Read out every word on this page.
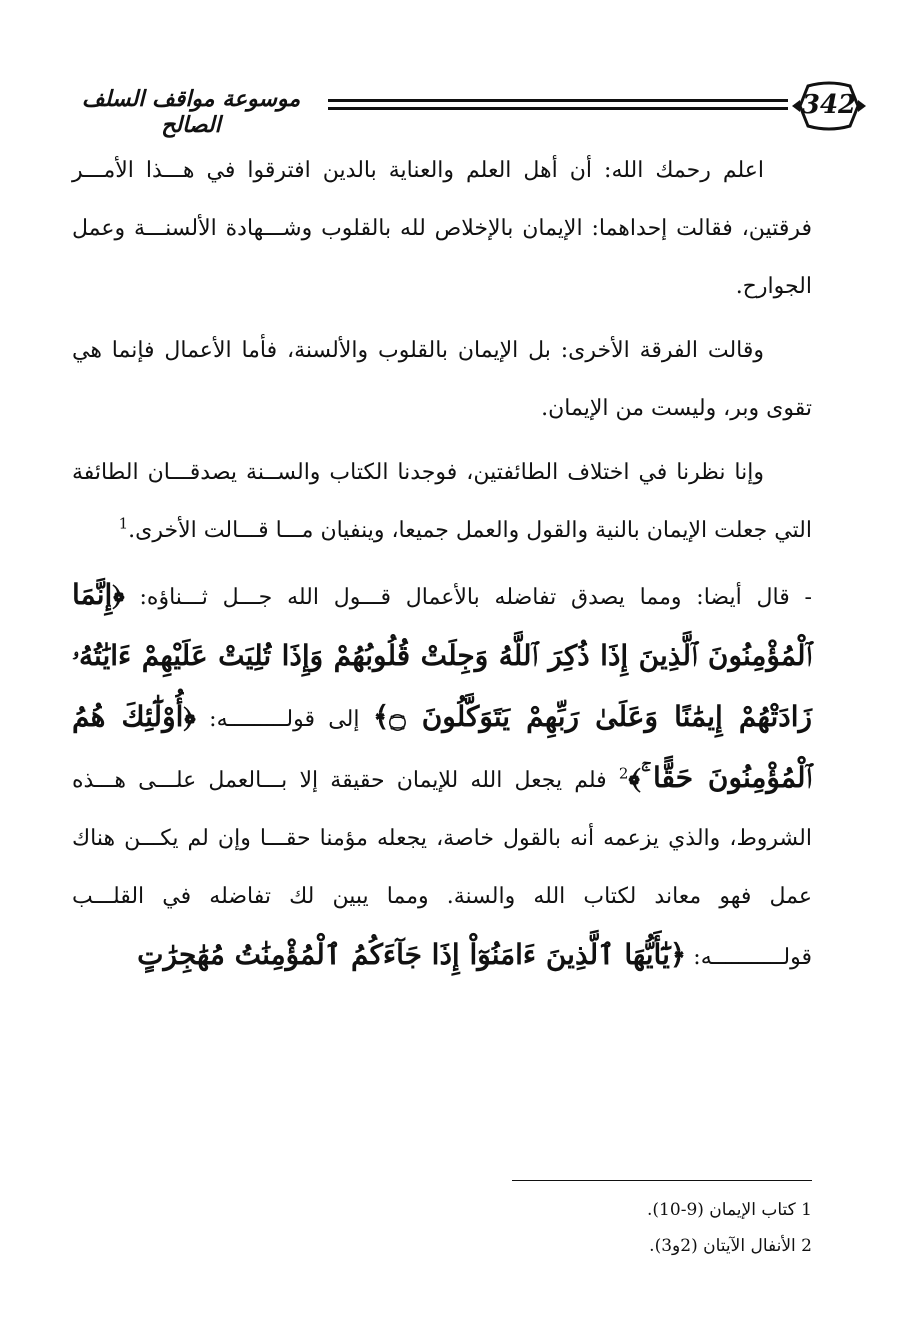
موسوعة مواقف السلف الصالح
342

اعلم رحمك الله: أن أهل العلم والعناية بالدين افترقوا في هـــذا الأمـــر فرقتين، فقالت إحداهما: الإيمان بالإخلاص لله بالقلوب وشـــهادة الألسنـــة وعمل الجوارح.

وقالت الفرقة الأخرى: بل الإيمان بالقلوب والألسنة، فأما الأعمال فإنما هي تقوى وبر، وليست من الإيمان.

وإنا نظرنا في اختلاف الطائفتين، فوجدنا الكتاب والســنة يصدقـــان الطائفة التي جعلت الإيمان بالنية والقول والعمل جميعا، وينفيان مـــا قـــالت الأخرى.$^1$

- قال أيضا: ومما يصدق تفاضله بالأعمال قـــول الله جـــل ثـــناؤه: ﴿إِنَّمَا ٱلْمُؤْمِنُونَ ٱلَّذِينَ إِذَا ذُكِرَ ٱللَّهُ وَجِلَتْ قُلُوبُهُمْ وَإِذَا تُلِيَتْ عَلَيْهِمْ ءَايَٰتُهُۥ زَادَتْهُمْ إِيمَٰنًا وَعَلَىٰ رَبِّهِمْ يَتَوَكَّلُونَ ۝﴾ إلى قولـــــــــه: ﴿أُوْلَٰٓئِكَ هُمُ ٱلْمُؤْمِنُونَ حَقًّا ۚ﴾$^2$ فلم يجعل الله للإيمان حقيقة إلا بـــالعمل علـــى هـــذه الشروط، والذي يزعمه أنه بالقول خاصة، يجعله مؤمنا حقـــا وإن لم يكـــن هناك عمل فهو معاند لكتاب الله والسنة. ومما يبين لك تفاضله في القلـــب قولـــــــــــه: ﴿يَٰٓأَيُّهَا ٱلَّذِينَ ءَامَنُوٓاْ إِذَا جَآءَكُمُ ٱلْمُؤْمِنَٰتُ مُهَٰجِرَٰتٍ

1 كتاب الإيمان (9-10).
2 الأنفال الآيتان (2و3).
